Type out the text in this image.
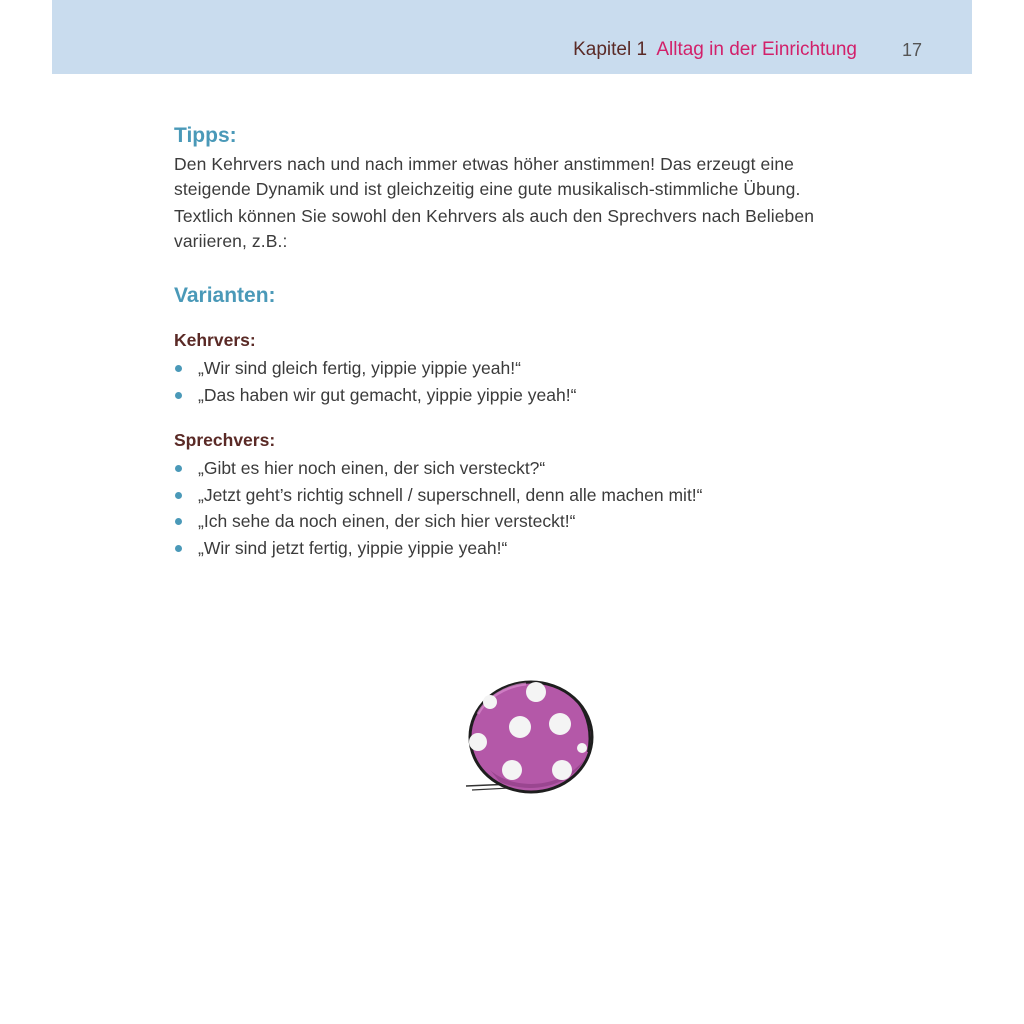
Kapitel 1 Alltag in der Einrichtung 17
Tipps:

Den Kehrvers nach und nach immer etwas höher anstimmen! Das erzeugt eine steigende Dynamik und ist gleichzeitig eine gute musikalisch-stimmliche Übung.

Textlich können Sie sowohl den Kehrvers als auch den Sprechvers nach Belieben variieren, z.B.:

Varianten:
Kehrvers:
„Wir sind gleich fertig, yippie yippie yeah!“
„Das haben wir gut gemacht, yippie yippie yeah!“
Sprechvers:
„Gibt es hier noch einen, der sich versteckt?“
„Jetzt geht’s richtig schnell / superschnell, denn alle machen mit!“
„Ich sehe da noch einen, der sich hier versteckt!“
„Wir sind jetzt fertig, yippie yippie yeah!“
